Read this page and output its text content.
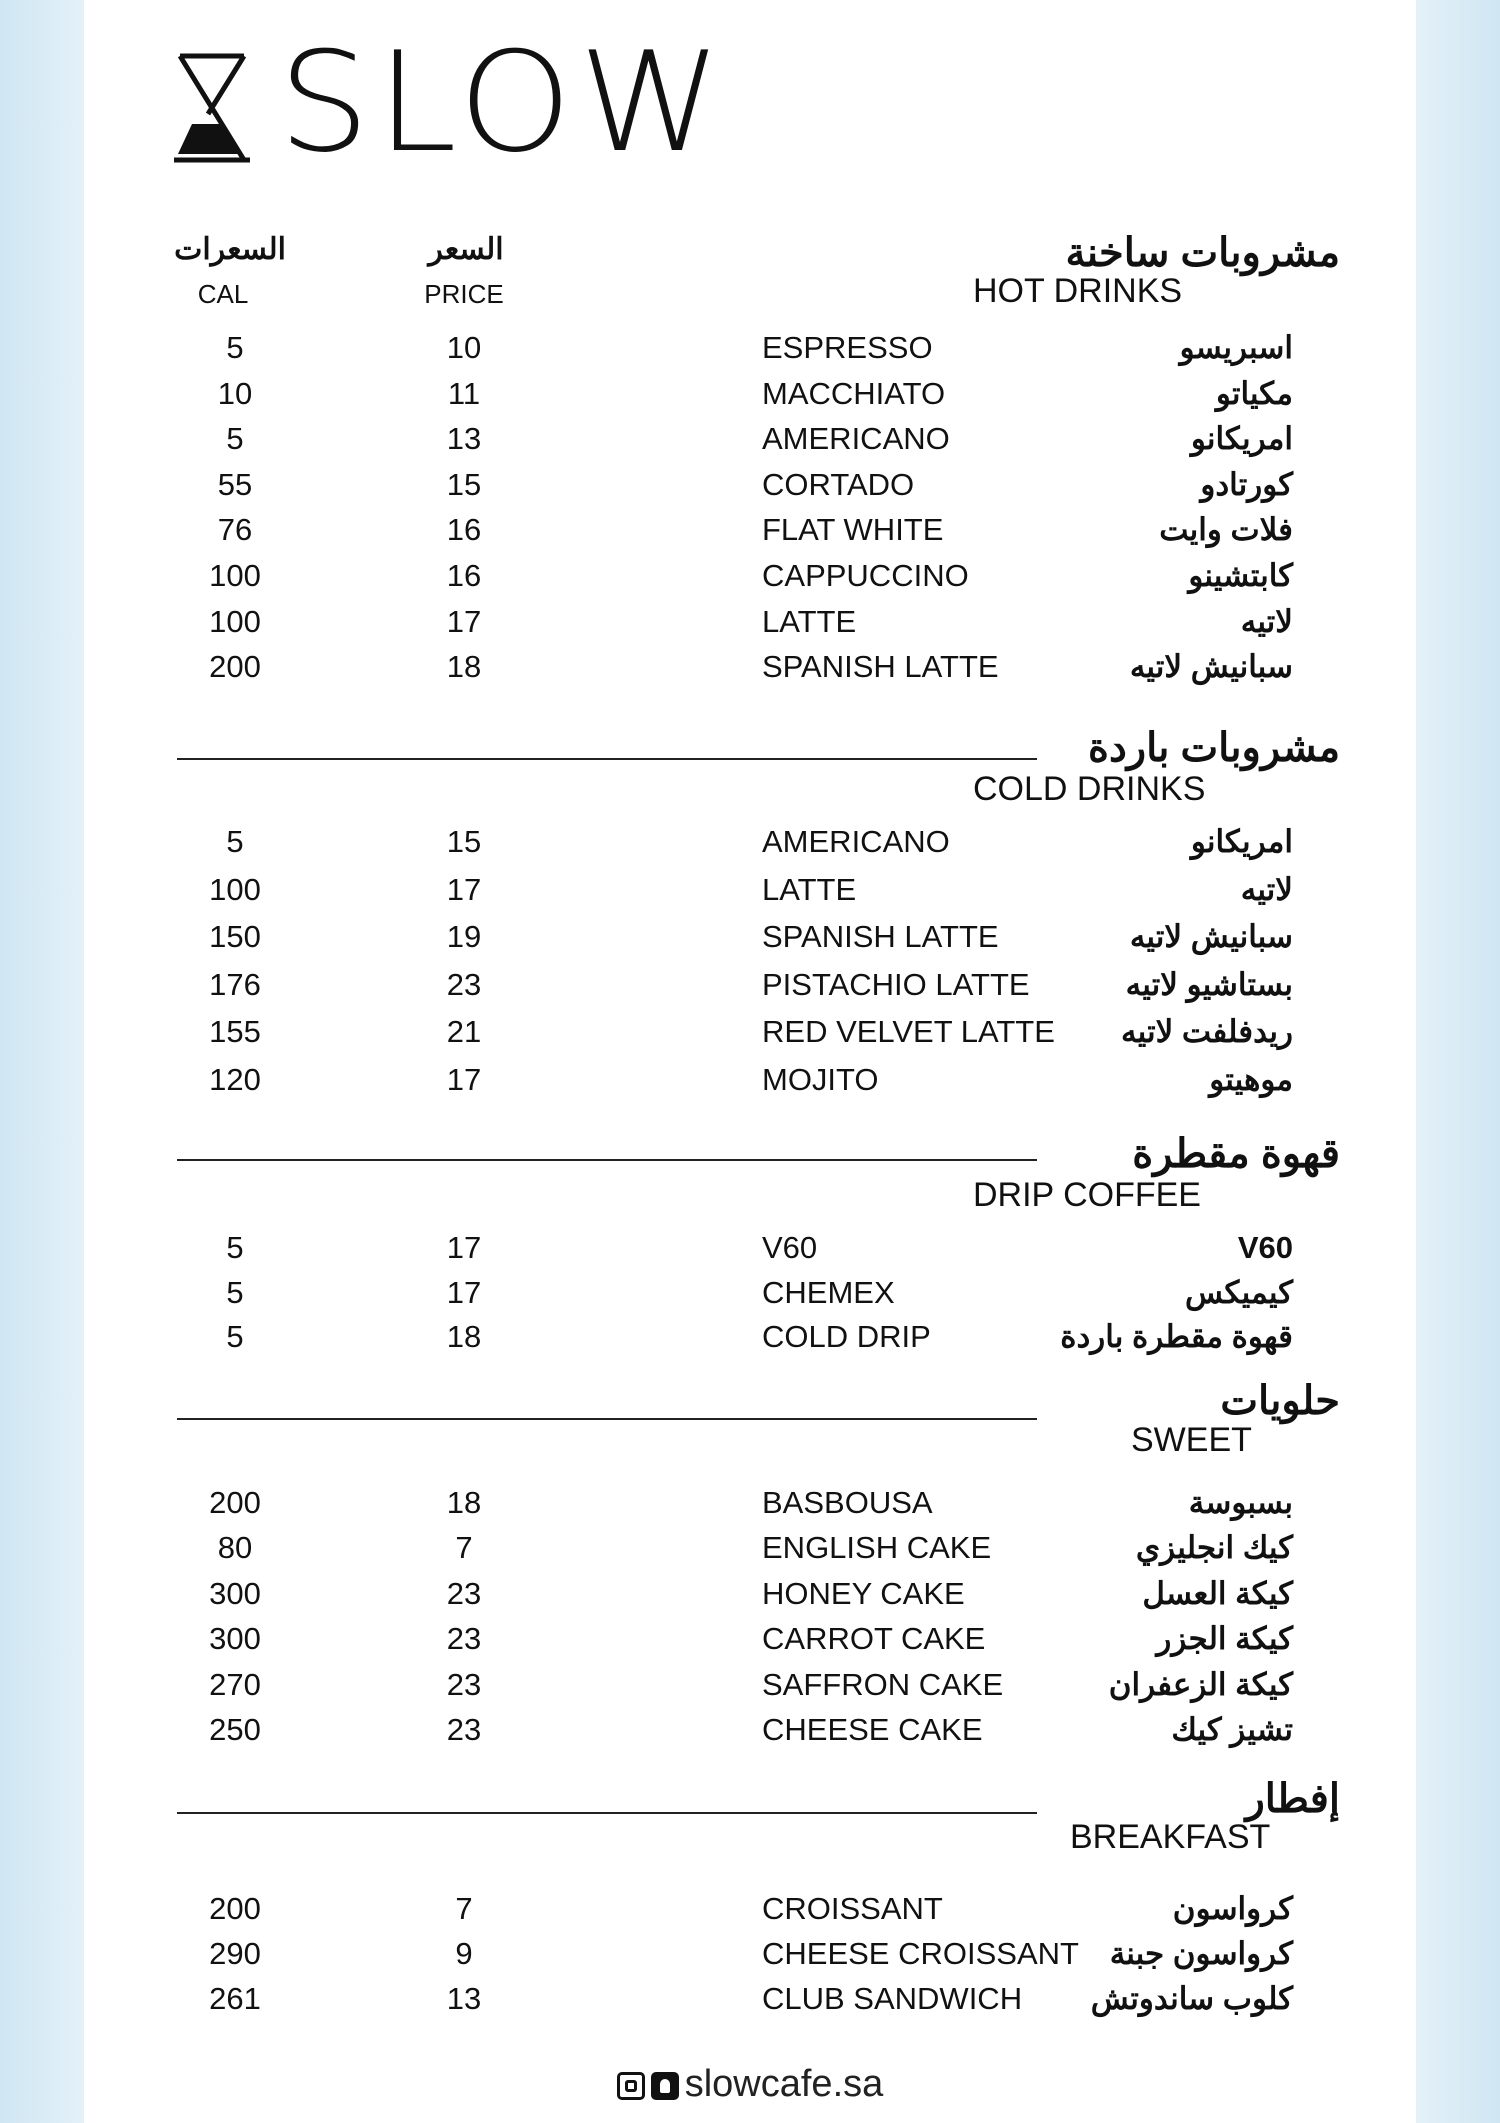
SLOW
السعرات
CAL
السعر
PRICE
مشروبات ساخنة
HOT DRINKS
5	10	ESPRESSO	اسبريسو
10	11	MACCHIATO	مكياتو
5	13	AMERICANO	امريكانو
55	15	CORTADO	كورتادو
76	16	FLAT WHITE	فلات وايت
100	16	CAPPUCCINO	كابتشينو
100	17	LATTE	لاتيه
200	18	SPANISH LATTE	سبانيش لاتيه
مشروبات باردة
COLD DRINKS
5	15	AMERICANO	امريكانو
100	17	LATTE	لاتيه
150	19	SPANISH LATTE	سبانيش لاتيه
176	23	PISTACHIO LATTE	بستاشيو لاتيه
155	21	RED VELVET LATTE ريدفلفت لاتيه
120	17	MOJITO	موهيتو
قهوة مقطرة
DRIP COFFEE
5	17	V60	V60
5	17	CHEMEX	كيميكس
5	18	COLD DRIP	قهوة مقطرة باردة
حلويات
SWEET
200	18	BASBOUSA	بسبوسة
80	7	ENGLISH CAKE	كيك انجليزي
300	23	HONEY CAKE	كيكة العسل
300	23	CARROT CAKE	كيكة الجزر
270	23	SAFFRON CAKE	كيكة الزعفران
250	23	CHEESE CAKE	تشيز كيك
إفطار
BREAKFAST
200	7	CROISSANT	كرواسون
290	9	CHEESE CROISSANT كرواسون جبنة
261	13	CLUB SANDWICH كلوب ساندوتش
slowcafe.sa
